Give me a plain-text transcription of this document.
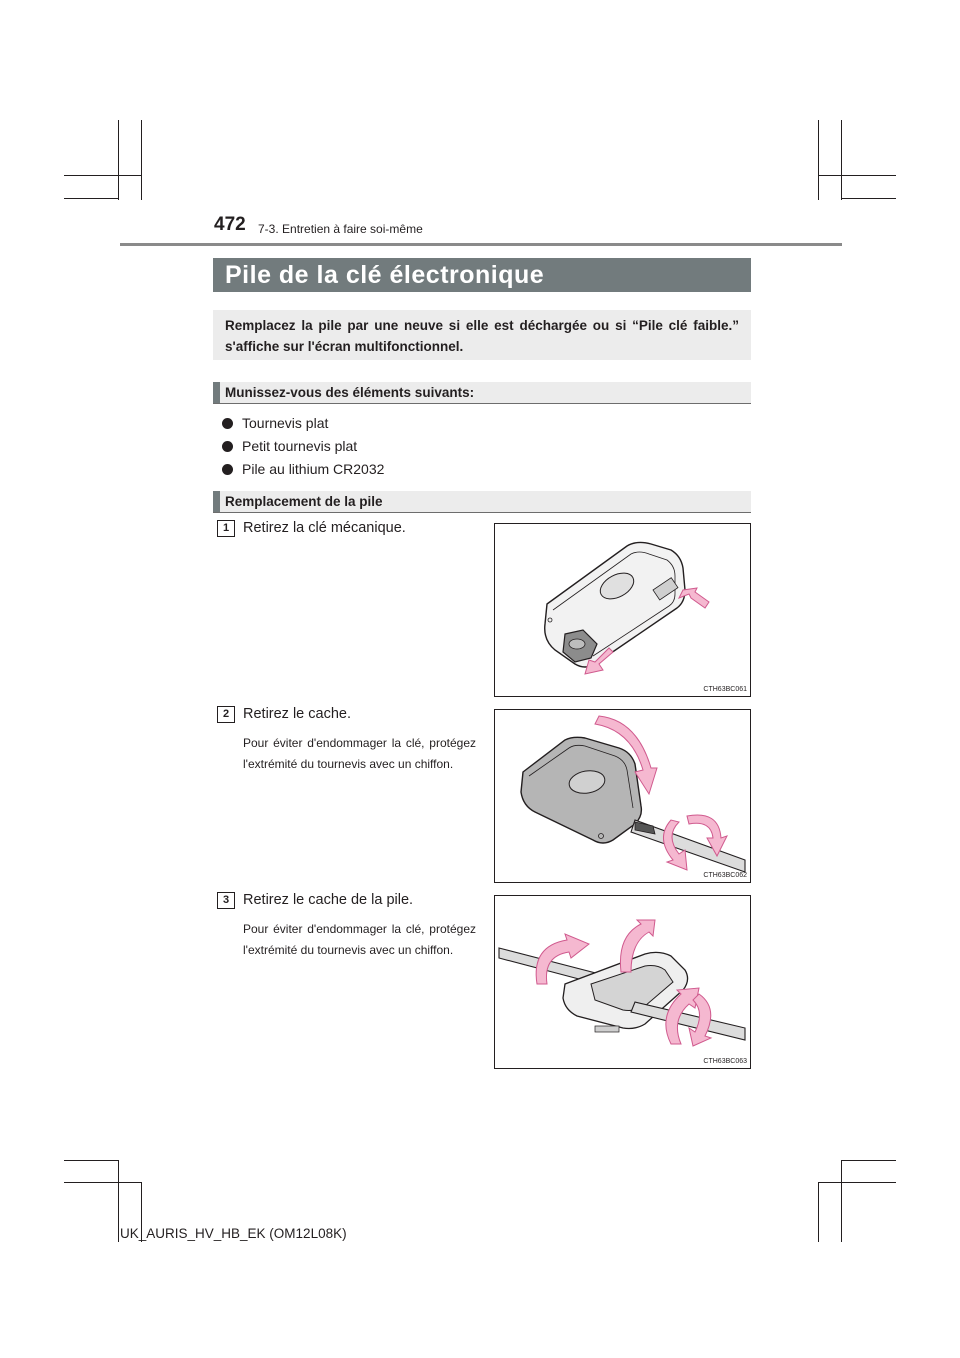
472 7-3. Entretien à faire soi-même
Pile de la clé électronique
Remplacez la pile par une neuve si elle est déchargée ou si “Pile clé faible.” s'affiche sur l'écran multifonctionnel.
Munissez-vous des éléments suivants:
Tournevis plat
Petit tournevis plat
Pile au lithium CR2032
Remplacement de la pile
1 Retirez la clé mécanique.
CTH63BC061
2 Retirez le cache.
Pour éviter d'endommager la clé, protégez l'extrémité du tournevis avec un chiffon.
CTH63BC062
3 Retirez le cache de la pile.
Pour éviter d'endommager la clé, protégez l'extrémité du tournevis avec un chiffon.
CTH63BC063
UK_AURIS_HV_HB_EK (OM12L08K)
